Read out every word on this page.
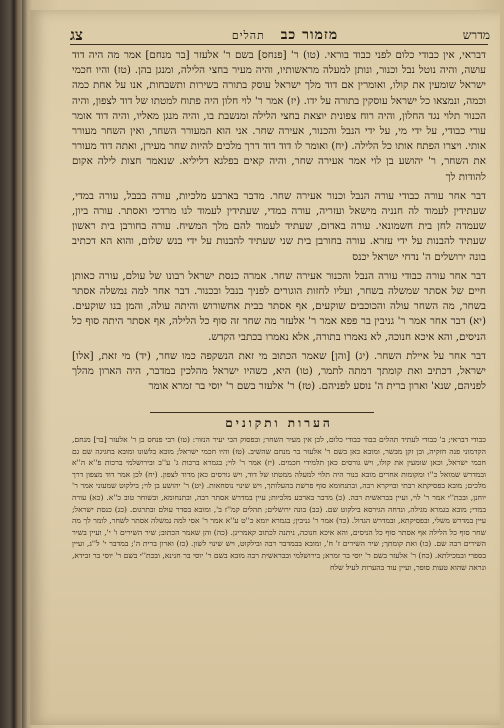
מדרש
מזמור כב תהלים
צג

דבראי, אין כבודי כלום לפני כבוד בוראי. (טו) ר' [פנחס] בשם ר' אלעזר [בר מנחם] אמר מה היה דוד עושה, והיה נוטל נבל וכנור, ונותן למעלה מראשותיו, והיה מעיר בחצי הלילה, ומנגן בהן. (טז) והיו חכמי ישראל שומעין את קולו, ואומרין אם דוד מלך ישראל עוסק בתורה בשירות ותשבחות, אנו על אחת כמה וכמה, ונמצאו כל ישראל עוסקין בתורה על ידו. (יז) אמר ר' לוי חלון היה פתוח למטתו של דוד לצפון, והיה הכנור תלוי נגד החלון, והיה רוח צפונית יוצאת בחצי הלילה ומנשבת בו, והיה מנגן מאליו, והיה דוד אומר עורי כבודי, על ידי מי, על ידי הנבל והכנור, אעירה שחר. אני הוא המעורר השחר, ואין השחר מעורר אותי. ויצרו הפתח אותו כל הלילה. (יח) ואומר לו דוד דוד דרך מלכים להיות שחר מעירן, ואתה דוד מעורר את השחר, ר' יהושע בן לוי אמר אעירה שחר, והיה קאים בפלגא דליליא. שנאמר חצות לילה אקום להודות לך

דבר אחר עורה כבודי עורה הנבל וכנור אעירה שחר. מדבר בארבע מלכיות, עורה בבבל, עורה במדי, שעתידין לעמוד לה חנניה מישאל ועזריה, עורה במדי, שעתידין לעמוד לנו מרדכי ואסתר. עורה ביון, שעמדה לחן בית חשמונאי. עורה באדום, שעתיד לעמוד להם מלך המשיח. עורה בחורבן בית ראשון שעתיד להבנות על ידי עזרא. עורה בחורבן בית שני שעתיד להבנות על ידי בנש שלום, והוא הא דכתיב בונה ירושלים ה' נדחי ישראל יכנס

דבר אחר עורה כבודי עורה הנבל והכנור אעירה שחר. אמרה כנסת ישראל רבונו של עולם, עורה כאותן חיים של אסתר שמשלה בשחר, ועליו לחזות הוגורים לפניך בנבל ובכנור. דבר אחר למה נמשלה אסתר בשחר, מה השחר עולה והכוכבים שוקעים, אף אסתר בבית אחשורוש והיתה עולה, והמן בנו שוקעים. (יא) דבר אחר אמר ר' גניבין בר פפא אמר ר' אלעזר מה שחר זה סוף כל הלילה, אף אסתר היתה סוף כל הניסים, והא איכא חנוכה, לא נאמרו בתורה, אלא נאמרו בכתבי הקדש.

דבר אחר על איילת השחר. (יג) [והן] שאמר הכתוב מי זאת הנשקפה כמו שחר, (יד) מי זאת, [אלו] ישראל, דכתיב ואת קומתך דמתה לתמר, (טו) היא, כשהיו ישראל מהלכין במדבר, היה הארון מהלך לפניהם, שנא' וארון ברית ה' נוסע לפניהם. (טז) ר' אלעזר בשם ר' יוסי בר זמרא אומר

הערות ותקונים
כבודי דבראי; ב' כבודי לעתיד תהלים כבוד כבודי כלום, לכן אין מעיר השחר; ובפסוק הכי יעיר הנזור: (טו) רבי פנחס בן ר' אלעזר [בר] מנחם, הקדמוני פנה חזקיה, ובן זקן מבשר, ומובא כאן בשם ר' אלעזר בר מנחם שהשיב. (טז) והיו חכמי ישראל; מובא בלשונו ומובא בחגיגה שם גם חכמי ישראל, וכאן שומעין את קולו, ויש גורסים כאן תלמידי חכמים. (יז) אמר ר' לוי; בגמרא ברכות ג' ע''ב ובירושלמי ברכות פ''א ה''א ובמדרש שמואל כ''ו ומקומות אחרים מובא כנור היה תלוי למעלה ממטתו של דוד, ויש גורסים כאן מדוד לצפון. (יח) לכן אמר דוד מצפון דרך מלכים; מובא בפסיקתא רבתי ובויקרא רבה, ובתנחומא סוף פרשת בהעלותך, ויש שינוי נוסחאות. (יט) ר' יהושע בן לוי; בילקוט שמעוני אמר ר' יוחנן, ובכת''י אמר ר' לוי, ועיין בבראשית רבה. (כ) מדבר בארבע מלכיות; עיין במדרש אסתר רבה, ובתנחומא, ובשוחר טוב כ''א. (כא) עורה במדי; מובא בגמרא מגילה, ונדחה הגירסא בילקוט שם. (כב) בונה ירושלים; תהלים קמ''ז ב', ומובא בסדר עולם ובתרגום. (כג) כנסת ישראל; עיין במדרש משלי, ובפסיקתא, ובמדרש הגדול. (כד) אמר ר' גניבין; בגמרא יומא כ''ט ע''א אמר ר' אסי למה נמשלה אסתר לשחר, לומר לך מה שחר סוף כל הלילה אף אסתר סוף כל הניסים, והא איכא חנוכה, ניתנה לכתוב קאמרינן. (כה) והן שאמר הכתוב; שיר השירים ו' י', ועיין בשיר השירים רבה שם. (כו) ואת קומתך; שיר השירים ז' ח', ומובא בבמדבר רבה ובילקוט, ויש שינוי לשון. (כז) וארון ברית ה'; במדבר י' ל''ג, ועיין בספרי ובמכילתא. (כח) ר' אלעזר בשם ר' יוסי בר זמרא; בירושלמי ובבראשית רבה מובא בשם ר' יוסי בר חנינא, ובכת''י בשם ר' יוסי בר זבידא, ונראה שהוא טעות סופר, ועיין עוד בהערות לעיל שלח
